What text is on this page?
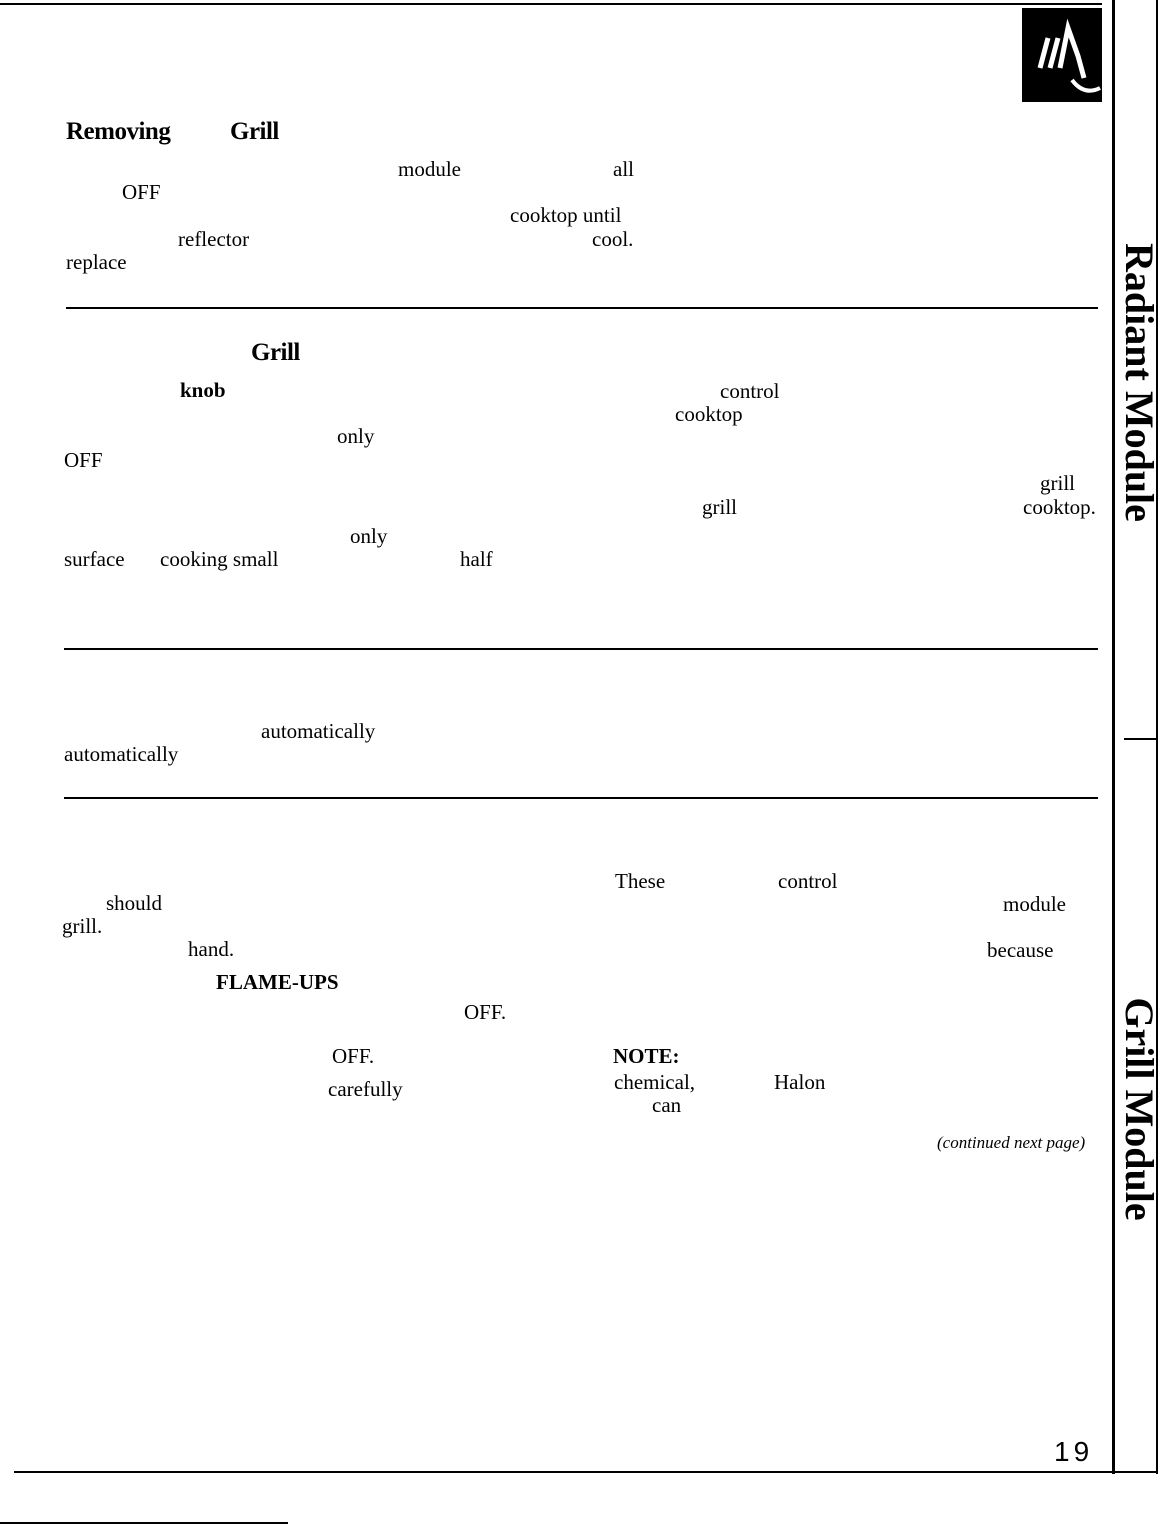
Removing Grill
module	all
OFF
cooktop until
reflector	cool.
replace
Grill
knob	control
cooktop
only
OFF
grill
grill	cooktop.
only
surface cooking small	half
automatically
automatically
These	control
should	module
grill.
hand.	because
FLAME-UPS
OFF.
OFF.	NOTE:
carefully	chemical,	Halon
can
(continued next page)
19
Radiant Module
Grill Module
